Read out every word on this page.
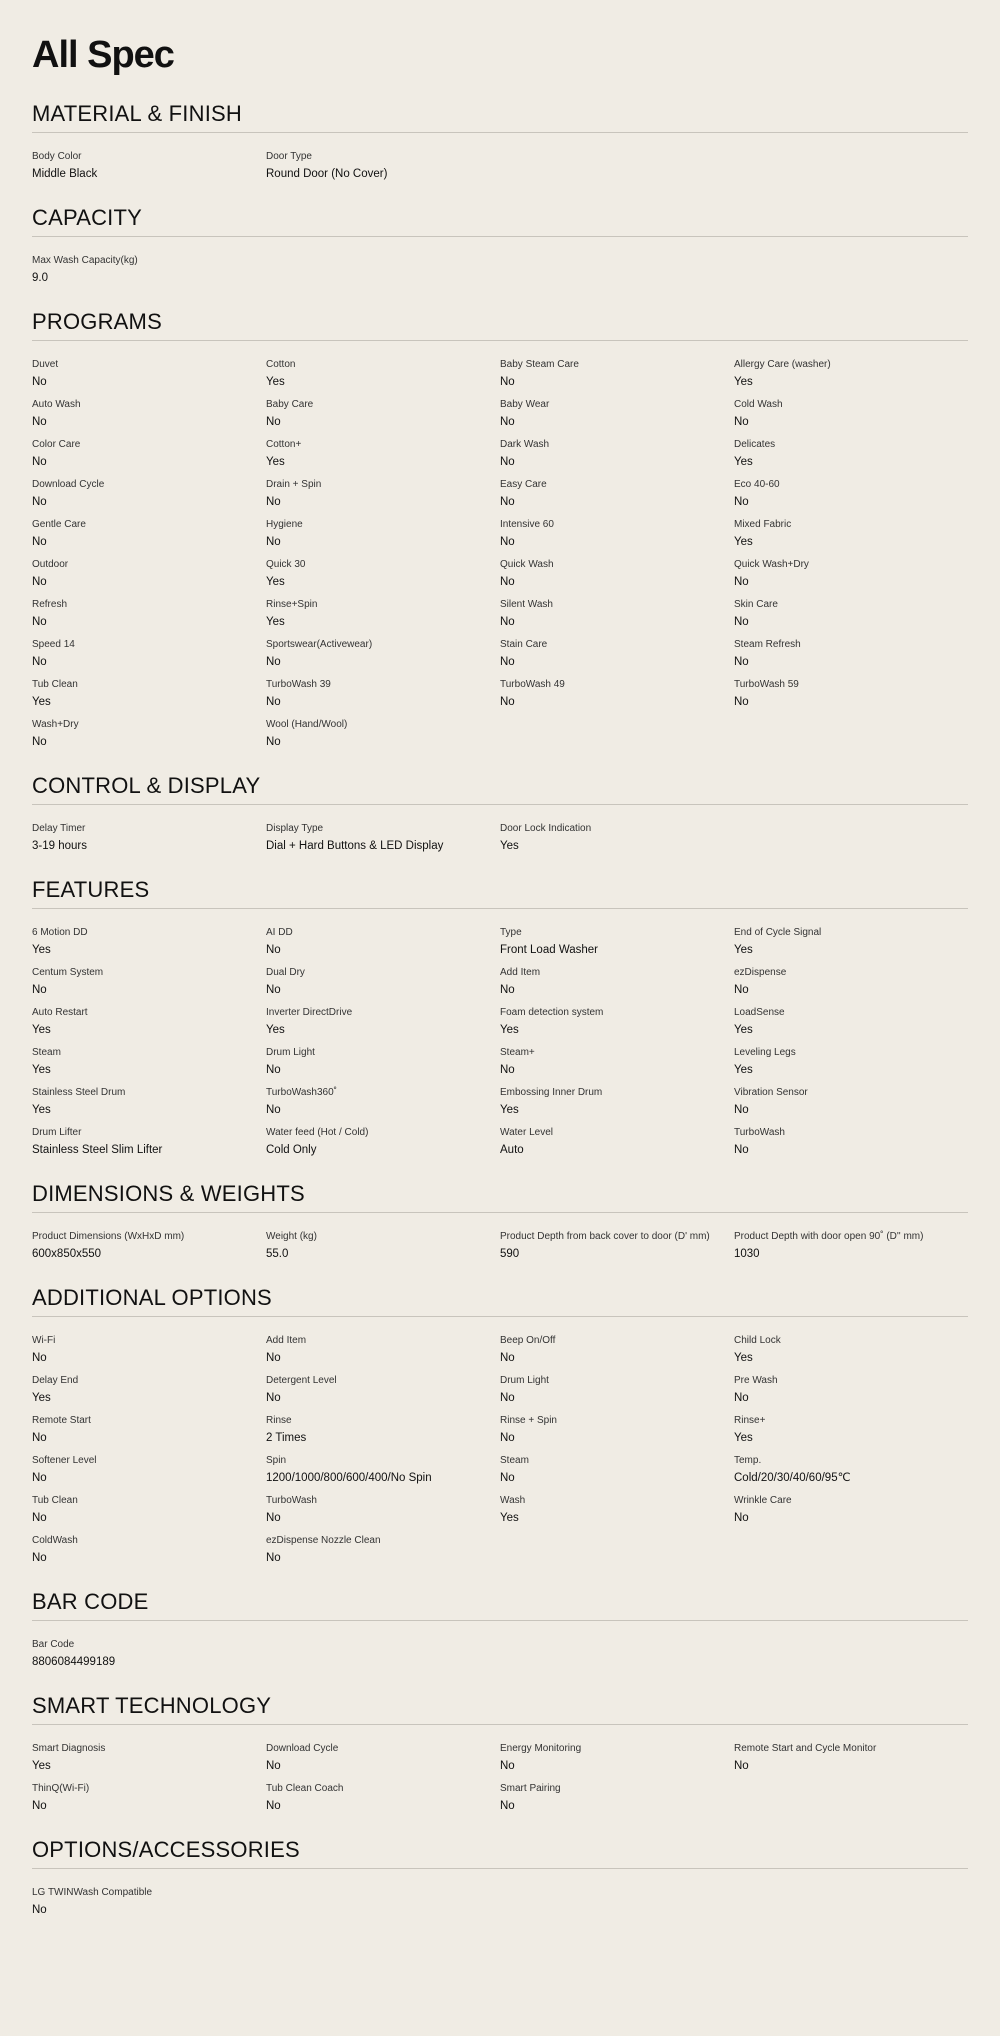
All Spec
MATERIAL & FINISH
Body Color
Middle Black
Door Type
Round Door (No Cover)
CAPACITY
Max Wash Capacity(kg)
9.0
PROGRAMS
Duvet
No
Cotton
Yes
Baby Steam Care
No
Allergy Care (washer)
Yes
Auto Wash
No
Baby Care
No
Baby Wear
No
Cold Wash
No
Color Care
No
Cotton+
Yes
Dark Wash
No
Delicates
Yes
Download Cycle
No
Drain + Spin
No
Easy Care
No
Eco 40-60
No
Gentle Care
No
Hygiene
No
Intensive 60
No
Mixed Fabric
Yes
Outdoor
No
Quick 30
Yes
Quick Wash
No
Quick Wash+Dry
No
Refresh
No
Rinse+Spin
Yes
Silent Wash
No
Skin Care
No
Speed 14
No
Sportswear(Activewear)
No
Stain Care
No
Steam Refresh
No
Tub Clean
Yes
TurboWash 39
No
TurboWash 49
No
TurboWash 59
No
Wash+Dry
No
Wool (Hand/Wool)
No
CONTROL & DISPLAY
Delay Timer
3-19 hours
Display Type
Dial + Hard Buttons & LED Display
Door Lock Indication
Yes
FEATURES
6 Motion DD
Yes
AI DD
No
Type
Front Load Washer
End of Cycle Signal
Yes
Centum System
No
Dual Dry
No
Add Item
No
ezDispense
No
Auto Restart
Yes
Inverter DirectDrive
Yes
Foam detection system
Yes
LoadSense
Yes
Steam
Yes
Drum Light
No
Steam+
No
Leveling Legs
Yes
Stainless Steel Drum
Yes
TurboWash360˚
No
Embossing Inner Drum
Yes
Vibration Sensor
No
Drum Lifter
Stainless Steel Slim Lifter
Water feed (Hot / Cold)
Cold Only
Water Level
Auto
TurboWash
No
DIMENSIONS & WEIGHTS
Product Dimensions (WxHxD mm)
600x850x550
Weight (kg)
55.0
Product Depth from back cover to door (D' mm)
590
Product Depth with door open 90˚ (D'' mm)
1030
ADDITIONAL OPTIONS
Wi-Fi
No
Add Item
No
Beep On/Off
No
Child Lock
Yes
Delay End
Yes
Detergent Level
No
Drum Light
No
Pre Wash
No
Remote Start
No
Rinse
2 Times
Rinse + Spin
No
Rinse+
Yes
Softener Level
No
Spin
1200/1000/800/600/400/No Spin
Steam
No
Temp.
Cold/20/30/40/60/95℃
Tub Clean
No
TurboWash
No
Wash
Yes
Wrinkle Care
No
ColdWash
No
ezDispense Nozzle Clean
No
BAR CODE
Bar Code
8806084499189
SMART TECHNOLOGY
Smart Diagnosis
Yes
Download Cycle
No
Energy Monitoring
No
Remote Start and Cycle Monitor
No
ThinQ(Wi-Fi)
No
Tub Clean Coach
No
Smart Pairing
No
OPTIONS/ACCESSORIES
LG TWINWash Compatible
No
